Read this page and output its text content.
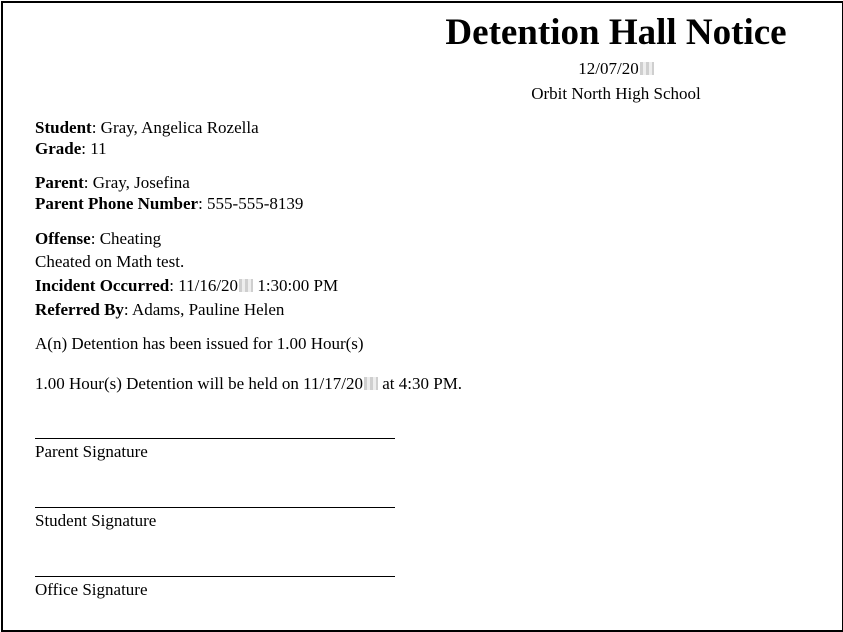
Detention Hall Notice
12/07/20
Orbit North High School
Student: Gray, Angelica Rozella
Grade: 11
Parent: Gray, Josefina
Parent Phone Number: 555-555-8139
Offense: Cheating
Cheated on Math test.
Incident Occurred: 11/16/20 1:30:00 PM
Referred By: Adams, Pauline Helen
A(n) Detention has been issued for 1.00 Hour(s)
1.00 Hour(s) Detention will be held on 11/17/20 at 4:30 PM.
Parent Signature
Student Signature
Office Signature
